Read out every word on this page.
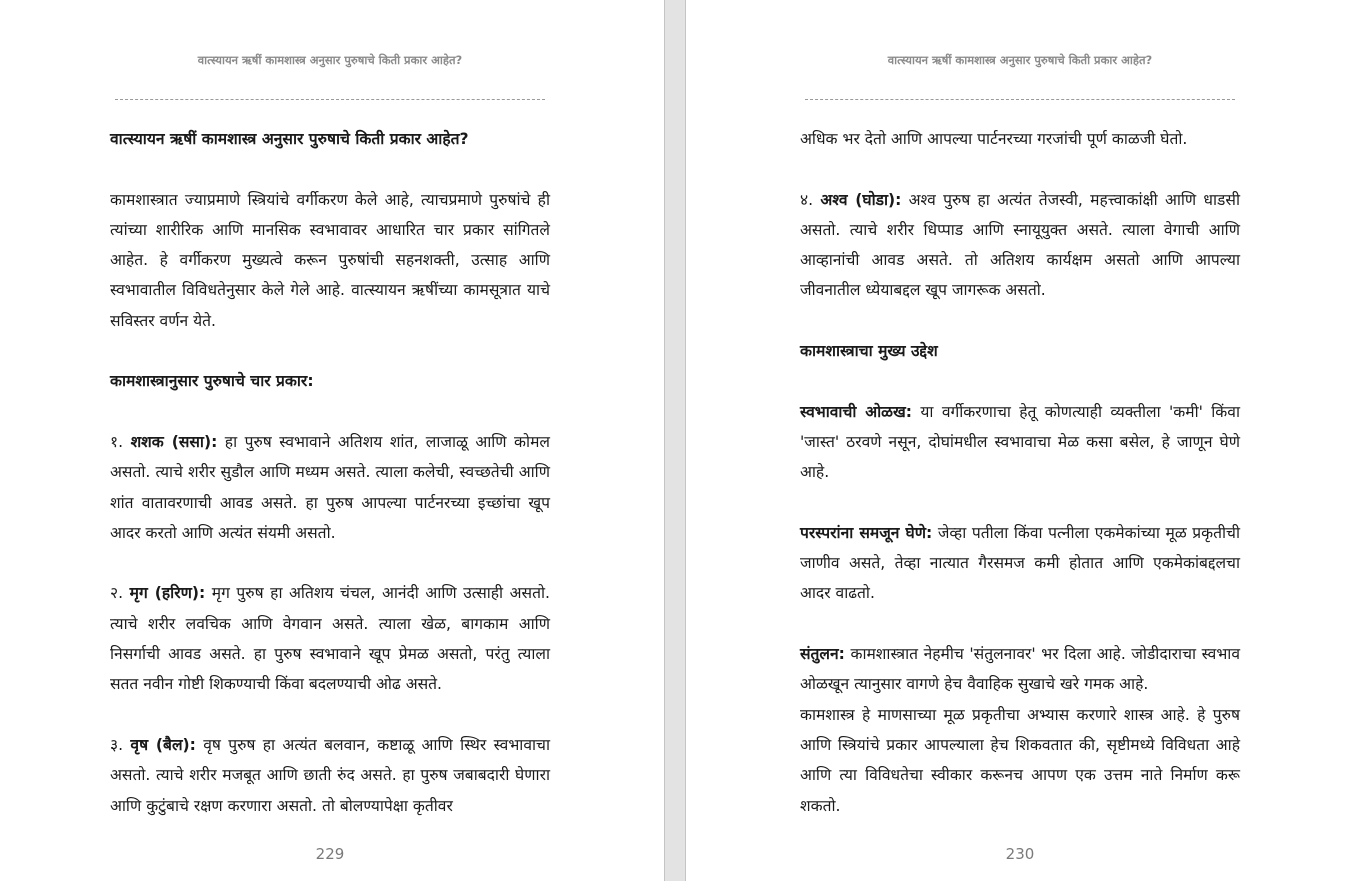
वात्स्यायन ऋषीं कामशास्त्र अनुसार पुरुषाचे किती प्रकार आहेत?

वात्स्यायन ऋषीं कामशास्त्र अनुसार पुरुषाचे किती प्रकार आहेत?

कामशास्त्रात ज्याप्रमाणे स्त्रियांचे वर्गीकरण केले आहे, त्याचप्रमाणे पुरुषांचे ही त्यांच्या शारीरिक आणि मानसिक स्वभावावर आधारित चार प्रकार सांगितले आहेत. हे वर्गीकरण मुख्यत्वे करून पुरुषांची सहनशक्ती, उत्साह आणि स्वभावातील विविधतेनुसार केले गेले आहे. वात्स्यायन ऋषींच्या कामसूत्रात याचे सविस्तर वर्णन येते.

कामशास्त्रानुसार पुरुषाचे चार प्रकार:

१. शशक (ससा): हा पुरुष स्वभावाने अतिशय शांत, लाजाळू आणि कोमल असतो. त्याचे शरीर सुडौल आणि मध्यम असते. त्याला कलेची, स्वच्छतेची आणि शांत वातावरणाची आवड असते. हा पुरुष आपल्या पार्टनरच्या इच्छांचा खूप आदर करतो आणि अत्यंत संयमी असतो.

२. मृग (हरिण): मृग पुरुष हा अतिशय चंचल, आनंदी आणि उत्साही असतो. त्याचे शरीर लवचिक आणि वेगवान असते. त्याला खेळ, बागकाम आणि निसर्गाची आवड असते. हा पुरुष स्वभावाने खूप प्रेमळ असतो, परंतु त्याला सतत नवीन गोष्टी शिकण्याची किंवा बदलण्याची ओढ असते.

३. वृष (बैल): वृष पुरुष हा अत्यंत बलवान, कष्टाळू आणि स्थिर स्वभावाचा असतो. त्याचे शरीर मजबूत आणि छाती रुंद असते. हा पुरुष जबाबदारी घेणारा आणि कुटुंबाचे रक्षण करणारा असतो. तो बोलण्यापेक्षा कृतीवर

229
वात्स्यायन ऋषीं कामशास्त्र अनुसार पुरुषाचे किती प्रकार आहेत?

अधिक भर देतो आणि आपल्या पार्टनरच्या गरजांची पूर्ण काळजी घेतो.

४. अश्व (घोडा): अश्व पुरुष हा अत्यंत तेजस्वी, महत्त्वाकांक्षी आणि धाडसी असतो. त्याचे शरीर धिप्पाड आणि स्नायूयुक्त असते. त्याला वेगाची आणि आव्हानांची आवड असते. तो अतिशय कार्यक्षम असतो आणि आपल्या जीवनातील ध्येयाबद्दल खूप जागरूक असतो.

कामशास्त्राचा मुख्य उद्देश

स्वभावाची ओळख: या वर्गीकरणाचा हेतू कोणत्याही व्यक्तीला 'कमी' किंवा 'जास्त' ठरवणे नसून, दोघांमधील स्वभावाचा मेळ कसा बसेल, हे जाणून घेणे आहे.

परस्परांना समजून घेणे: जेव्हा पतीला किंवा पत्नीला एकमेकांच्या मूळ प्रकृतीची जाणीव असते, तेव्हा नात्यात गैरसमज कमी होतात आणि एकमेकांबद्दलचा आदर वाढतो.

संतुलन: कामशास्त्रात नेहमीच 'संतुलनावर' भर दिला आहे. जोडीदाराचा स्वभाव ओळखून त्यानुसार वागणे हेच वैवाहिक सुखाचे खरे गमक आहे.

कामशास्त्र हे माणसाच्या मूळ प्रकृतीचा अभ्यास करणारे शास्त्र आहे. हे पुरुष आणि स्त्रियांचे प्रकार आपल्याला हेच शिकवतात की, सृष्टीमध्ये विविधता आहे आणि त्या विविधतेचा स्वीकार करूनच आपण एक उत्तम नाते निर्माण करू शकतो.

230
